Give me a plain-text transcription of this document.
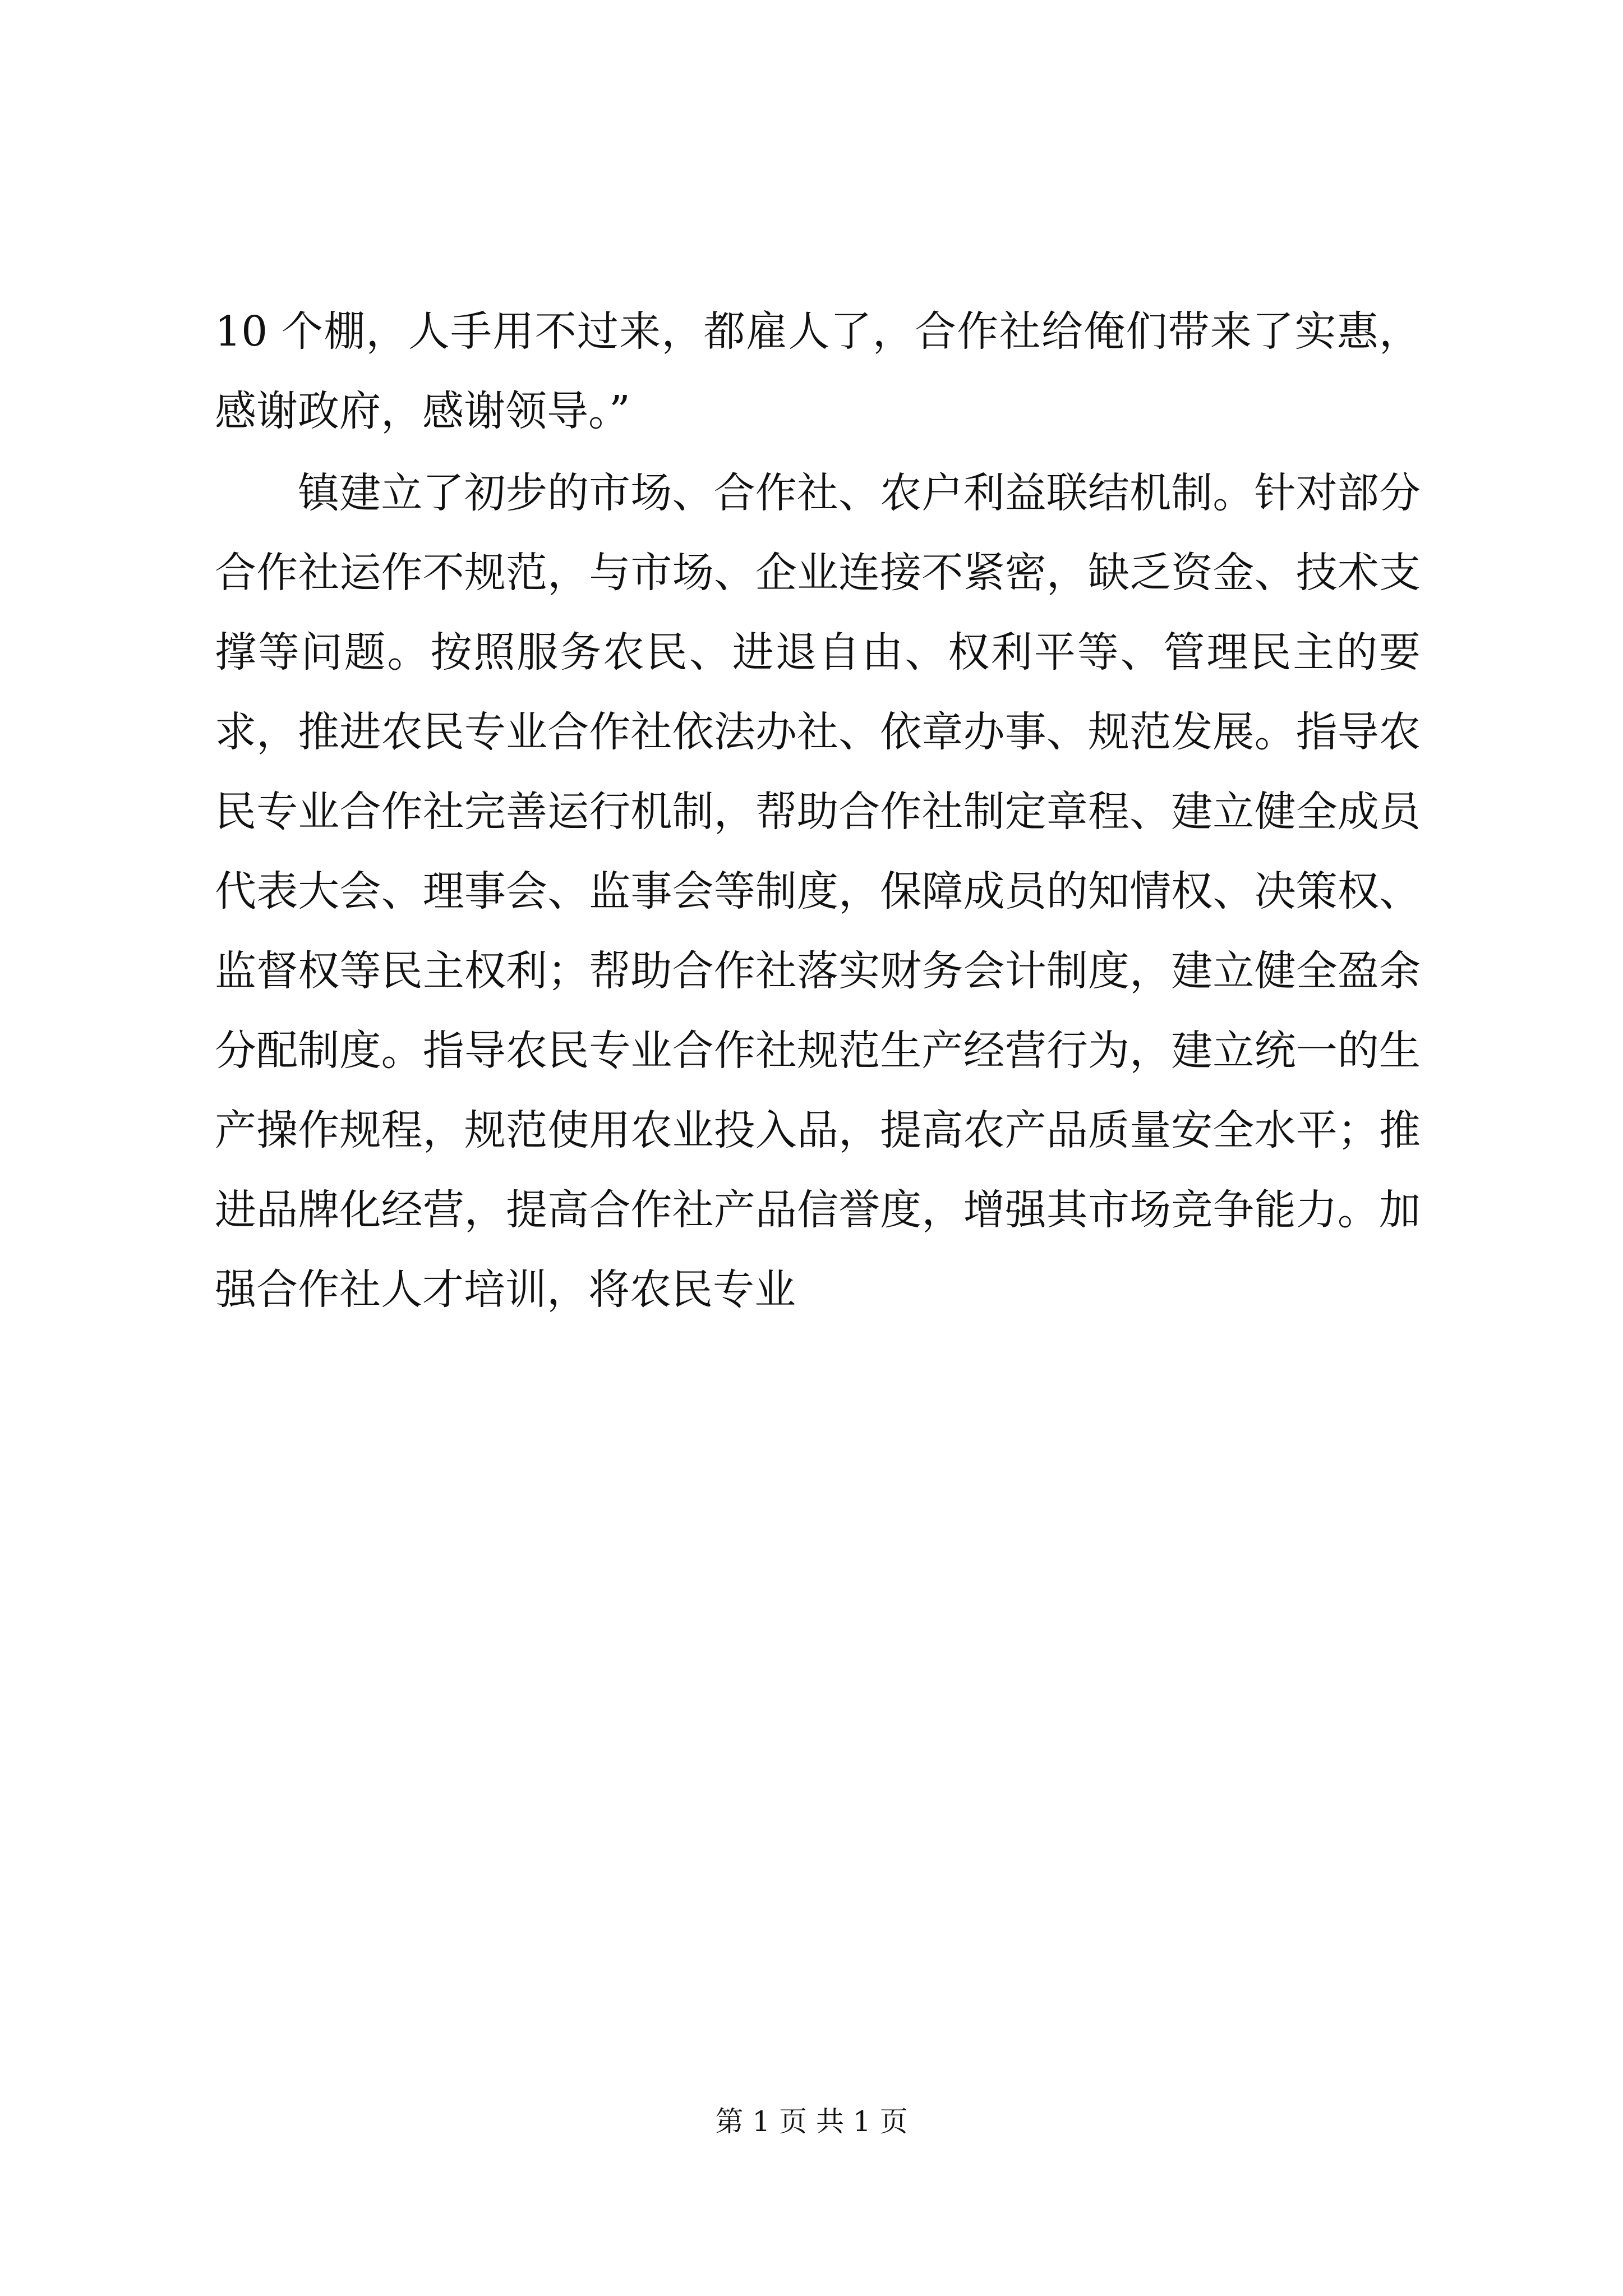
10 个棚，人手用不过来，都雇人了，合作社给俺们带来了实惠，感谢政府，感谢领导。”

镇建立了初步的市场、合作社、农户利益联结机制。针对部分合作社运作不规范，与市场、企业连接不紧密，缺乏资金、技术支撑等问题。按照服务农民、进退自由、权利平等、管理民主的要求，推进农民专业合作社依法办社、依章办事、规范发展。指导农民专业合作社完善运行机制，帮助合作社制定章程、建立健全成员代表大会、理事会、监事会等制度，保障成员的知情权、决策权、监督权等民主权利；帮助合作社落实财务会计制度，建立健全盈余分配制度。指导农民专业合作社规范生产经营行为，建立统一的生产操作规程，规范使用农业投入品，提高农产品质量安全水平；推进品牌化经营，提高合作社产品信誉度，增强其市场竞争能力。加强合作社人才培训，将农民专业

第 1 页 共 1 页
